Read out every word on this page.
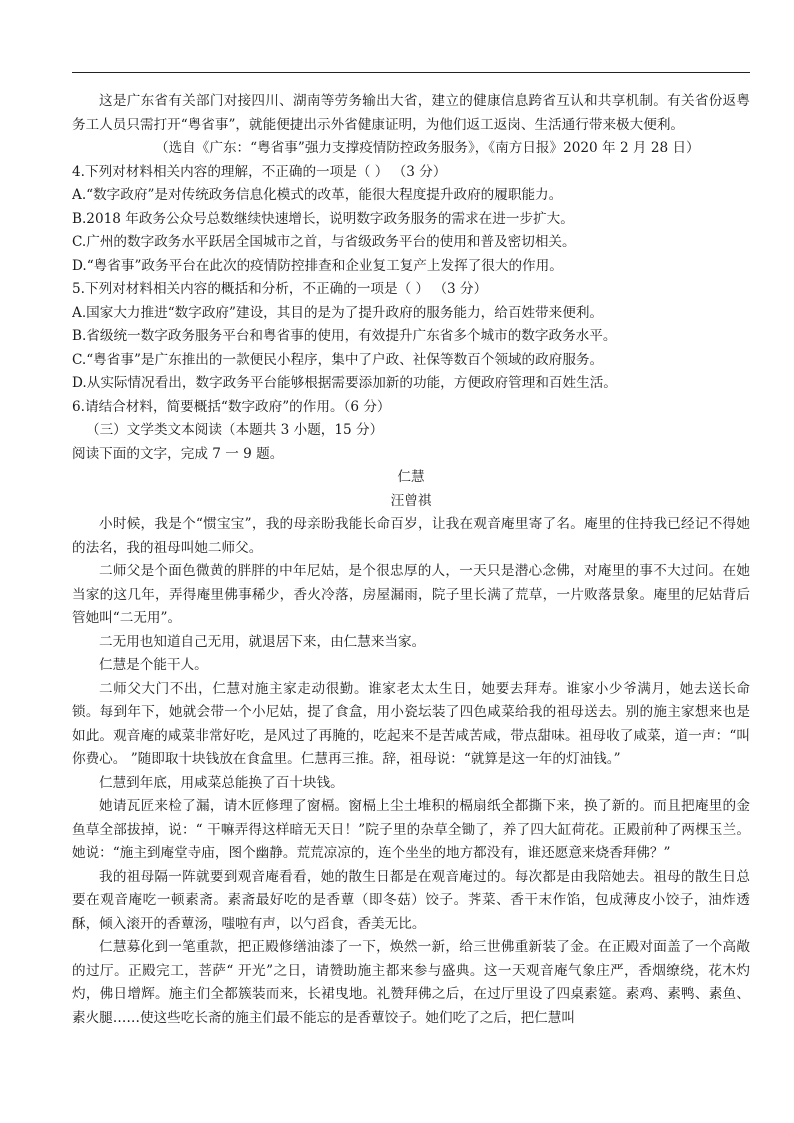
这是广东省有关部门对接四川、湖南等劳务输出大省，建立的健康信息跨省互认和共享机制。有关省份返粤务工人员只需打开“粤省事”，就能便捷出示外省健康证明，为他们返工返岗、生活通行带来极大便利。
（选自《广东：“粤省事”强力支撑疫情防控政务服务》，《南方日报》2020 年 2 月 28 日）
4.下列对材料相关内容的理解，不正确的一项是（ ） （3 分）
A.“数字政府”是对传统政务信息化模式的改革，能很大程度提升政府的履职能力。
B.2018 年政务公众号总数继续快速增长，说明数字政务服务的需求在进一步扩大。
C.广州的数字政务水平跃居全国城市之首，与省级政务平台的使用和普及密切相关。
D.“粤省事”政务平台在此次的疫情防控排查和企业复工复产上发挥了很大的作用。
5.下列对材料相关内容的概括和分析，不正确的一项是（ ） （3 分）
A.国家大力推进“数字政府”建设，其目的是为了提升政府的服务能力，给百姓带来便利。
B.省级统一数字政务服务平台和粤省事的使用，有效提升广东省多个城市的数字政务水平。
C.“粤省事”是广东推出的一款便民小程序，集中了户政、社保等数百个领域的政府服务。
D.从实际情况看出，数字政务平台能够根据需要添加新的功能，方便政府管理和百姓生活。
6.请结合材料，简要概括“数字政府”的作用。（6 分）
（三）文学类文本阅读（本题共 3 小题，15 分）
阅读下面的文字，完成 7 一 9 题。
仁慧
汪曾祺
小时候，我是个“惯宝宝”，我的母亲盼我能长命百岁，让我在观音庵里寄了名。庵里的住持我已经记不得她的法名，我的祖母叫她二师父。
二师父是个面色微黄的胖胖的中年尼姑，是个很忠厚的人，一天只是潜心念佛，对庵里的事不大过问。在她当家的这几年，弄得庵里佛事稀少，香火冷落，房屋漏雨，院子里长满了荒草，一片败落景象。庵里的尼姑背后管她叫“二无用”。
二无用也知道自己无用，就退居下来，由仁慧来当家。
仁慧是个能干人。
二师父大门不出，仁慧对施主家走动很勤。谁家老太太生日，她要去拜寿。谁家小少爷满月，她去送长命锁。每到年下，她就会带一个小尼姑，提了食盒，用小瓷坛装了四色咸菜给我的祖母送去。别的施主家想来也是如此。观音庵的咸菜非常好吃，是风过了再腌的，吃起来不是苦咸苦咸，带点甜味。祖母收了咸菜，道一声：“叫你费心。 ”随即取十块钱放在食盒里。仁慧再三推。辞，祖母说：“就算是这一年的灯油钱。”
仁慧到年底，用咸菜总能换了百十块钱。
她请瓦匠来检了漏，请木匠修理了窗槅。窗槅上尘土堆积的槅扇纸全都撕下来，换了新的。而且把庵里的金鱼草全部拔掉，说：“ 干嘛弄得这样暗无天日！”院子里的杂草全锄了，养了四大缸荷花。正殿前种了两棵玉兰。她说：“施主到庵堂寺庙，图个幽静。荒荒凉凉的，连个坐坐的地方都没有，谁还愿意来烧香拜佛？”
我的祖母隔一阵就要到观音庵看看，她的散生日都是在观音庵过的。每次都是由我陪她去。祖母的散生日总要在观音庵吃一顿素斋。素斋最好吃的是香蕈（即冬菇）饺子。荠菜、香干末作馅，包成薄皮小饺子，油炸透酥，倾入滚开的香蕈汤，嗤啦有声，以勺舀食，香美无比。
仁慧募化到一笔重款，把正殿修缮油漆了一下，焕然一新，给三世佛重新装了金。在正殿对面盖了一个高敞的过厅。正殿完工，菩萨“ 开光”之日，请赞助施主都来参与盛典。这一天观音庵气象庄严，香烟缭绕，花木灼灼，佛日增辉。施主们全都簇装而来，长裙曳地。礼赞拜佛之后，在过厅里设了四桌素筵。素鸡、素鸭、素鱼、素火腿……使这些吃长斋的施主们最不能忘的是香蕈饺子。她们吃了之后，把仁慧叫
